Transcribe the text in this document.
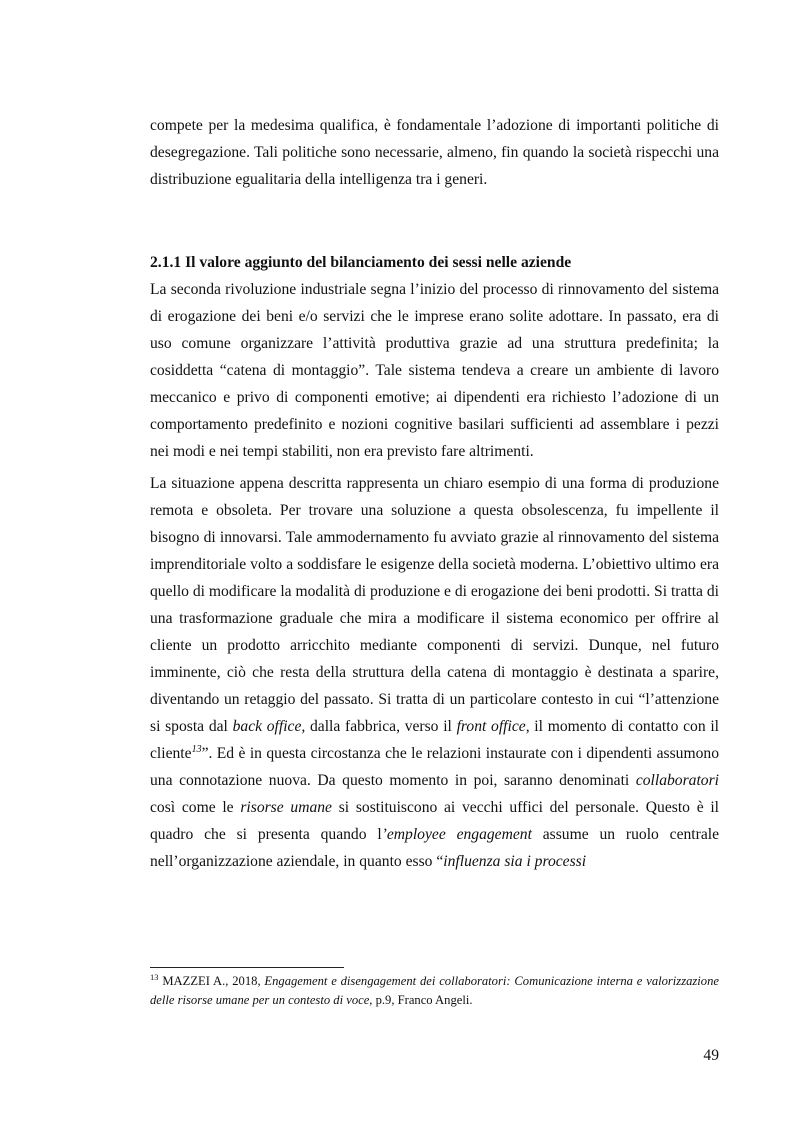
compete per la medesima qualifica, è fondamentale l’adozione di importanti politiche di desegregazione. Tali politiche sono necessarie, almeno, fin quando la società rispecchi una distribuzione egualitaria della intelligenza tra i generi.

2.1.1 Il valore aggiunto del bilanciamento dei sessi nelle aziende

La seconda rivoluzione industriale segna l’inizio del processo di rinnovamento del sistema di erogazione dei beni e/o servizi che le imprese erano solite adottare. In passato, era di uso comune organizzare l’attività produttiva grazie ad una struttura predefinita; la cosiddetta “catena di montaggio”. Tale sistema tendeva a creare un ambiente di lavoro meccanico e privo di componenti emotive; ai dipendenti era richiesto l’adozione di un comportamento predefinito e nozioni cognitive basilari sufficienti ad assemblare i pezzi nei modi e nei tempi stabiliti, non era previsto fare altrimenti.

La situazione appena descritta rappresenta un chiaro esempio di una forma di produzione remota e obsoleta. Per trovare una soluzione a questa obsolescenza, fu impellente il bisogno di innovarsi. Tale ammodernamento fu avviato grazie al rinnovamento del sistema imprenditoriale volto a soddisfare le esigenze della società moderna. L’obiettivo ultimo era quello di modificare la modalità di produzione e di erogazione dei beni prodotti. Si tratta di una trasformazione graduale che mira a modificare il sistema economico per offrire al cliente un prodotto arricchito mediante componenti di servizi. Dunque, nel futuro imminente, ciò che resta della struttura della catena di montaggio è destinata a sparire, diventando un retaggio del passato. Si tratta di un particolare contesto in cui “l’attenzione si sposta dal back office, dalla fabbrica, verso il front office, il momento di contatto con il cliente$^{13}$”. Ed è in questa circostanza che le relazioni instaurate con i dipendenti assumono una connotazione nuova. Da questo momento in poi, saranno denominati collaboratori così come le risorse umane si sostituiscono ai vecchi uffici del personale. Questo è il quadro che si presenta quando l’employee engagement assume un ruolo centrale nell’organizzazione aziendale, in quanto esso “influenza sia i processi

$^{13}$ MAZZEI A., 2018, Engagement e disengagement dei collaboratori: Comunicazione interna e valorizzazione delle risorse umane per un contesto di voce, p.9, Franco Angeli.

49
